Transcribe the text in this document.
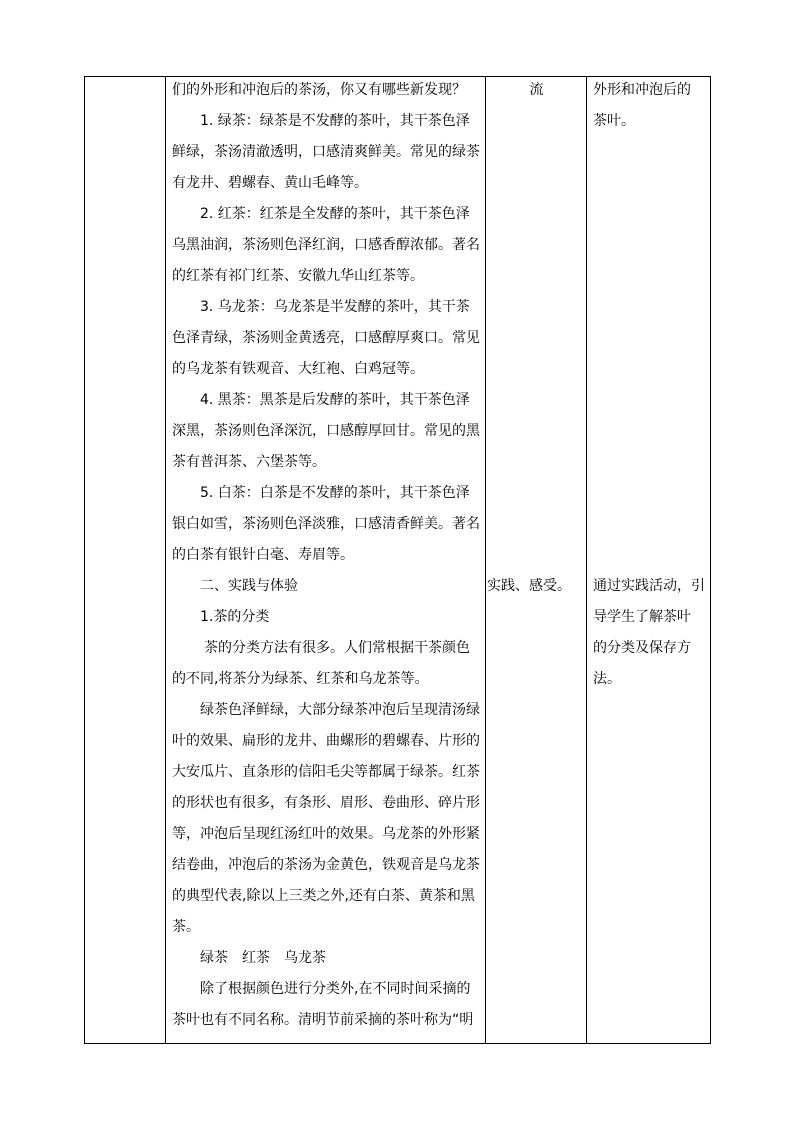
们的外形和冲泡后的茶汤，你又有哪些新发现？

1. 绿茶：绿茶是不发酵的茶叶，其干茶色泽

鲜绿，茶汤清澈透明，口感清爽鲜美。常见的绿茶

有龙井、碧螺春、黄山毛峰等。

2. 红茶：红茶是全发酵的茶叶，其干茶色泽

乌黑油润，茶汤则色泽红润，口感香醇浓郁。著名

的红茶有祁门红茶、安徽九华山红茶等。

3. 乌龙茶：乌龙茶是半发酵的茶叶，其干茶

色泽青绿，茶汤则金黄透亮，口感醇厚爽口。常见

的乌龙茶有铁观音、大红袍、白鸡冠等。

4. 黑茶：黑茶是后发酵的茶叶，其干茶色泽

深黑，茶汤则色泽深沉，口感醇厚回甘。常见的黑

茶有普洱茶、六堡茶等。

5. 白茶：白茶是不发酵的茶叶，其干茶色泽

银白如雪，茶汤则色泽淡雅，口感清香鲜美。著名

的白茶有银针白毫、寿眉等。

二、实践与体验

1.茶的分类

茶的分类方法有很多。人们常根据干茶颜色

的不同,将茶分为绿茶、红茶和乌龙茶等。

绿茶色泽鲜绿，大部分绿茶冲泡后呈现清汤绿

叶的效果、扁形的龙井、曲螺形的碧螺春、片形的

大安瓜片、直条形的信阳毛尖等都属于绿茶。红茶

的形状也有很多，有条形、眉形、卷曲形、碎片形

等，冲泡后呈现红汤红叶的效果。乌龙茶的外形紧

结卷曲，冲泡后的茶汤为金黄色，铁观音是乌龙茶

的典型代表,除以上三类之外,还有白茶、黄茶和黑

茶。

绿茶　红茶　乌龙茶

除了根据颜色进行分类外,在不同时间采摘的

茶叶也有不同名称。清明节前采摘的茶叶称为“明

流

实践、感受。

外形和冲泡后的

茶叶。

通过实践活动，引

导学生了解茶叶

的分类及保存方

法。
